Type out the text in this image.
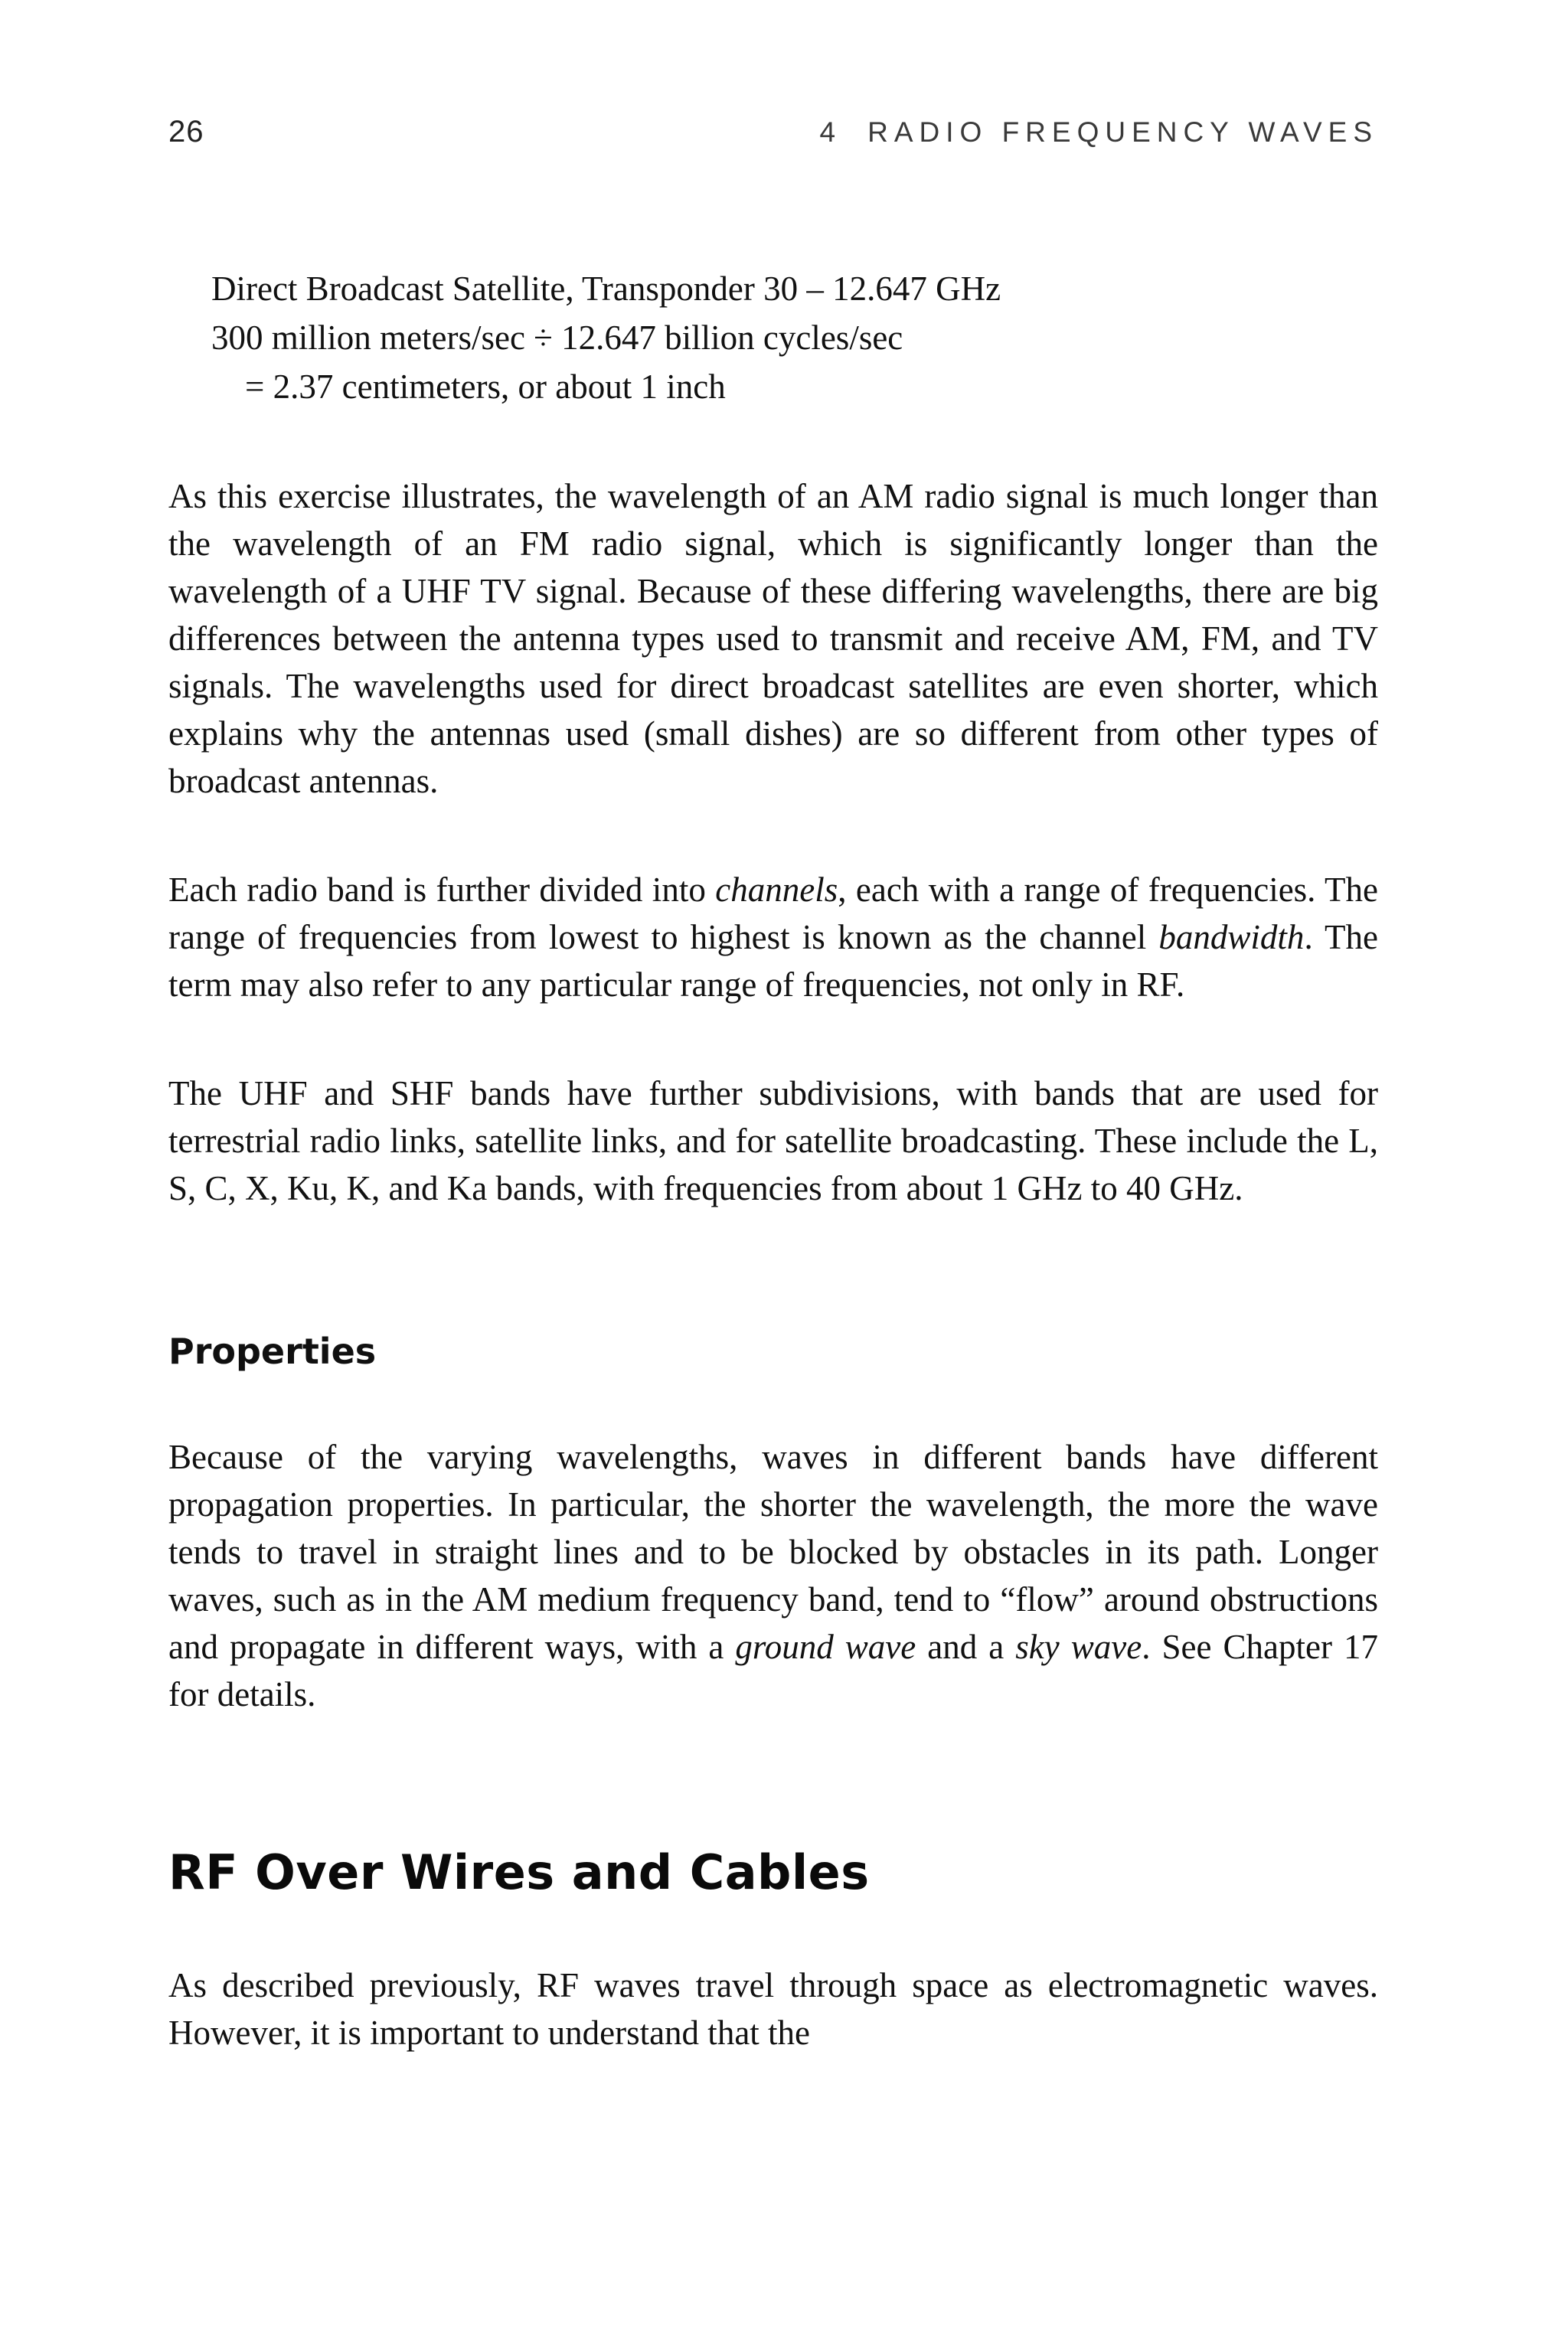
26	4 RADIO FREQUENCY WAVES
Direct Broadcast Satellite, Transponder 30 – 12.647 GHz
300 million meters/sec ÷ 12.647 billion cycles/sec
= 2.37 centimeters, or about 1 inch

As this exercise illustrates, the wavelength of an AM radio signal is much longer than the wavelength of an FM radio signal, which is significantly longer than the wavelength of a UHF TV signal. Because of these differing wavelengths, there are big differences between the antenna types used to transmit and receive AM, FM, and TV signals. The wavelengths used for direct broadcast satellites are even shorter, which explains why the antennas used (small dishes) are so different from other types of broadcast antennas.

Each radio band is further divided into channels, each with a range of frequencies. The range of frequencies from lowest to highest is known as the channel bandwidth. The term may also refer to any particular range of frequencies, not only in RF.

The UHF and SHF bands have further subdivisions, with bands that are used for terrestrial radio links, satellite links, and for satellite broadcasting. These include the L, S, C, X, Ku, K, and Ka bands, with frequencies from about 1 GHz to 40 GHz.

Properties

Because of the varying wavelengths, waves in different bands have different propagation properties. In particular, the shorter the wavelength, the more the wave tends to travel in straight lines and to be blocked by obstacles in its path. Longer waves, such as in the AM medium frequency band, tend to “flow” around obstructions and propagate in different ways, with a ground wave and a sky wave. See Chapter 17 for details.

RF Over Wires and Cables

As described previously, RF waves travel through space as electromagnetic waves. However, it is important to understand that the
